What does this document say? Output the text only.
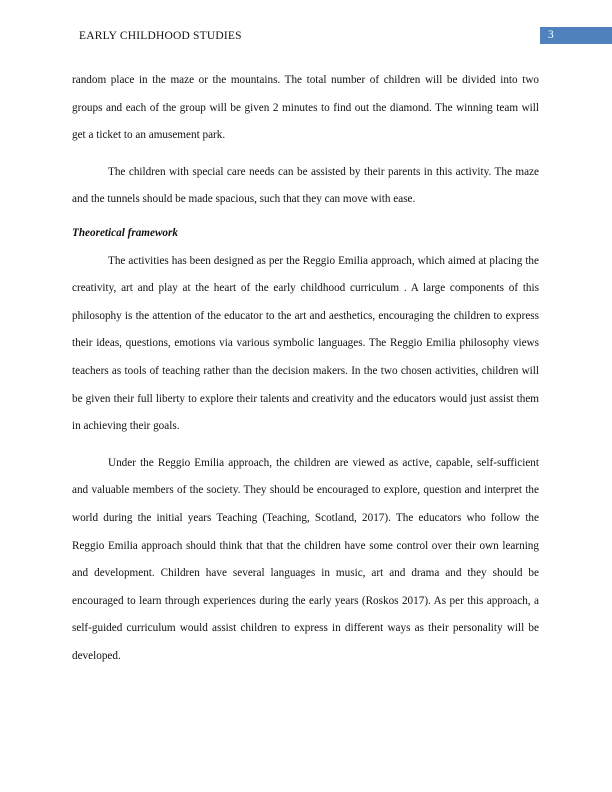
EARLY CHILDHOOD STUDIES	3

random place in the maze or the mountains. The total number of children will be divided into two groups and each of the group will be given 2 minutes to find out the diamond. The winning team will get a ticket to an amusement park.

The children with special care needs can be assisted by their parents in this activity. The maze and the tunnels should be made spacious, such that they can move with ease.

Theoretical framework

The activities has been designed as per the Reggio Emilia approach, which aimed at placing the creativity, art and play at the heart of the early childhood curriculum . A large components of this philosophy is the attention of the educator to the art and aesthetics, encouraging the children to express their ideas, questions, emotions via various symbolic languages. The Reggio Emilia philosophy views teachers as tools of teaching rather than the decision makers. In the two chosen activities, children will be given their full liberty to explore their talents and creativity and the educators would just assist them in achieving their goals.

Under the Reggio Emilia approach, the children are viewed as active, capable, self-sufficient and valuable members of the society. They should be encouraged to explore, question and interpret the world during the initial years Teaching (Teaching, Scotland, 2017). The educators who follow the Reggio Emilia approach should think that that the children have some control over their own learning and development. Children have several languages in music, art and drama and they should be encouraged to learn through experiences during the early years (Roskos 2017). As per this approach, a self-guided curriculum would assist children to express in different ways as their personality will be developed.
